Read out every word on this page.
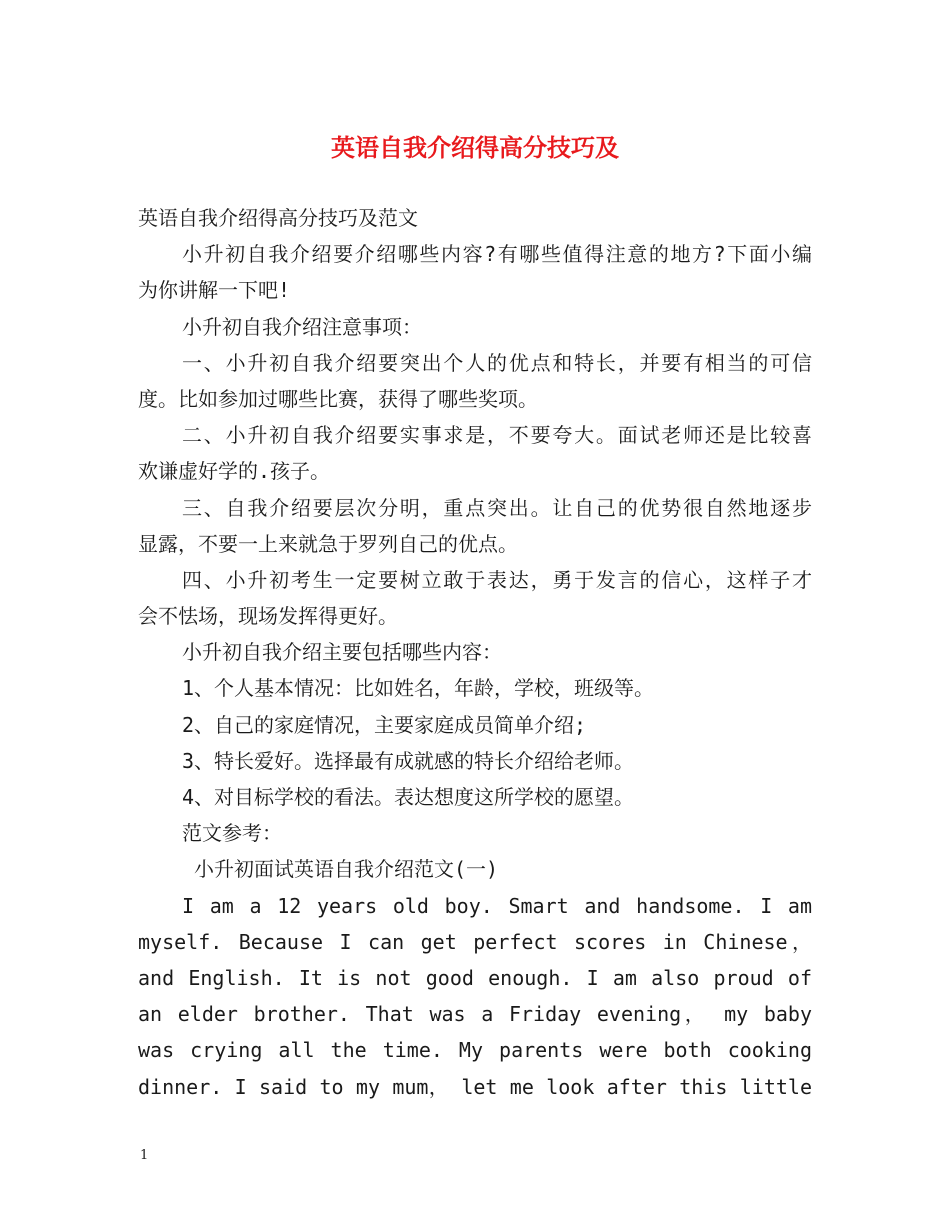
英语自我介绍得高分技巧及
英语自我介绍得高分技巧及范文
小升初自我介绍要介绍哪些内容?有哪些值得注意的地方?下面小编
为你讲解一下吧!
小升初自我介绍注意事项：
一、小升初自我介绍要突出个人的优点和特长，并要有相当的可信
度。比如参加过哪些比赛，获得了哪些奖项。
二、小升初自我介绍要实事求是，不要夸大。面试老师还是比较喜
欢谦虚好学的.孩子。
三、自我介绍要层次分明，重点突出。让自己的优势很自然地逐步
显露，不要一上来就急于罗列自己的优点。
四、小升初考生一定要树立敢于表达，勇于发言的信心，这样子才
会不怯场，现场发挥得更好。
小升初自我介绍主要包括哪些内容：
1、个人基本情况：比如姓名，年龄，学校，班级等。
2、自己的家庭情况，主要家庭成员简单介绍;
3、特长爱好。选择最有成就感的特长介绍给老师。
4、对目标学校的看法。表达想度这所学校的愿望。
范文参考：
小升初面试英语自我介绍范文(一)
I am a 12 years old boy. Smart and handsome. I am
myself. Because I can get perfect scores in Chinese，
and English. It is not good enough. I am also proud of
an elder brother. That was a Friday evening， my baby
was crying all the time. My parents were both cooking
dinner. I said to my mum， let me look after this little
1
